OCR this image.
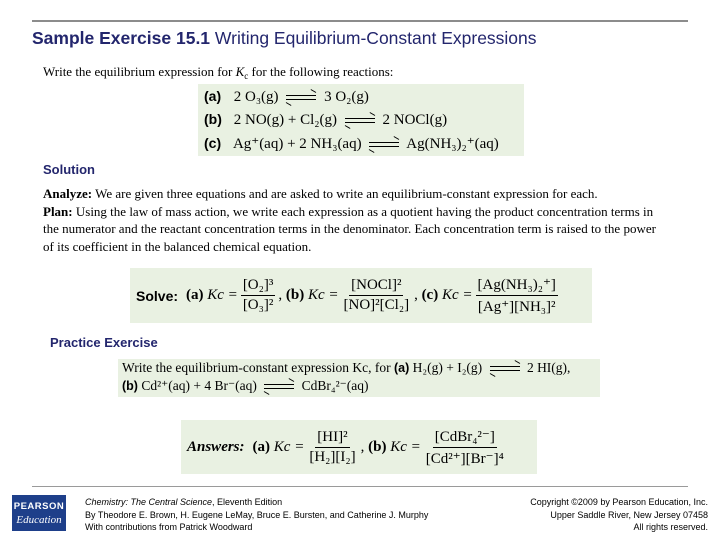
Sample Exercise 15.1 Writing Equilibrium-Constant Expressions
Write the equilibrium expression for $K_c$ for the following reactions:
(a) 2 O₃(g)	3 O₂(g)
(b) 2 NO(g) + Cl₂(g)	2 NOCl(g)
(c) Ag⁺(aq) + 2 NH₃(aq)	Ag(NH₃)₂⁺(aq)
Solution
Analyze: We are given three equations and are asked to write an equilibrium-constant expression for each.
Plan: Using the law of mass action, we write each expression as a quotient having the product concentration terms in the numerator and the reactant concentration terms in the denominator. Each concentration term is raised to the power of its coefficient in the balanced chemical equation.
Solve: (a)
$Kc = \frac{\text{[O₂]³}}{\text{[O₃]²}}$ , (b)
$Kc = \frac{\text{[NOCl]²}}{\text{[NO]²[Cl₂]}}$ , (c)
$Kc = \frac{\text{[Ag(NH₃)₂⁺]}}{\text{[Ag⁺][NH₃]²}}$
Practice Exercise
Write the equilibrium-constant expression Kc, for (a) H₂(g) + I₂(g)	2 HI(g),
(b) Cd²⁺(aq) + 4 Br⁻(aq)	CdBr₄²⁻(aq)
Answers: (a)
$Kc = \frac{\text{[HI]²}}{\text{[H₂][I₂]}}$ , (b)
$Kc = \frac{\text{[CdBr₄²⁻]}}{\text{[Cd²⁺][Br⁻]⁴}}$
PEARSON
Education
Chemistry: The Central Science, Eleventh Edition
By Theodore E. Brown, H. Eugene LeMay, Bruce E. Bursten, and Catherine J. Murphy
With contributions from Patrick Woodward
Copyright ©2009 by Pearson Education, Inc.
Upper Saddle River, New Jersey 07458
All rights reserved.
